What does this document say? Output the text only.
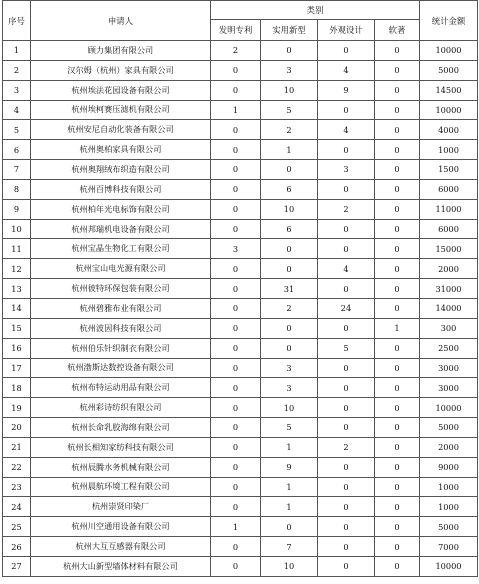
序号	申请人	类别				统计金额
		发明专利	实用新型	外观设计	软著	
1	顾力集团有限公司	2	0	0	0	10000
2	汉尔姆（杭州）家具有限公司	0	3	4	0	5000
3	杭州埃法花园设备有限公司	0	10	9	0	14500
4	杭州埃柯赛压滤机有限公司	1	5	0	0	10000
5	杭州安尼自动化装备有限公司	0	2	4	0	4000
6	杭州奥柏家具有限公司	0	1	0	0	1000
7	杭州奥翔绒布织造有限公司	0	0	3	0	1500
8	杭州百博科技有限公司	0	6	0	0	6000
9	杭州柏年光电标饰有限公司	0	10	2	0	11000
10	杭州邦瑞机电设备有限公司	0	6	0	0	6000
11	杭州宝晶生物化工有限公司	3	0	0	0	15000
12	杭州宝山电光源有限公司	0	0	4	0	2000
13	杭州彼特环保包装有限公司	0	31	0	0	31000
14	杭州碧雅布业有限公司	0	2	24	0	14000
15	杭州波因科技有限公司	0	0	0	1	300
16	杭州伯乐针织制衣有限公司	0	0	5	0	2500
17	杭州渤斯达数控设备有限公司	0	3	0	0	3000
18	杭州布特运动用品有限公司	0	3	0	0	3000
19	杭州彩诗纺织有限公司	0	10	0	0	10000
20	杭州长命乳胶海绵有限公司	0	5	0	0	5000
21	杭州长相知家纺科技有限公司	0	1	2	0	2000
22	杭州辰腾水务机械有限公司	0	9	0	0	9000
23	杭州晨航环境工程有限公司	0	1	0	0	1000
24	杭州崇贤印染厂	0	1	0	0	1000
25	杭州川空通用设备有限公司	1	0	0	0	5000
26	杭州大互互感器有限公司	0	7	0	0	7000
27	杭州大山新型墙体材料有限公司	0	10	0	0	10000
